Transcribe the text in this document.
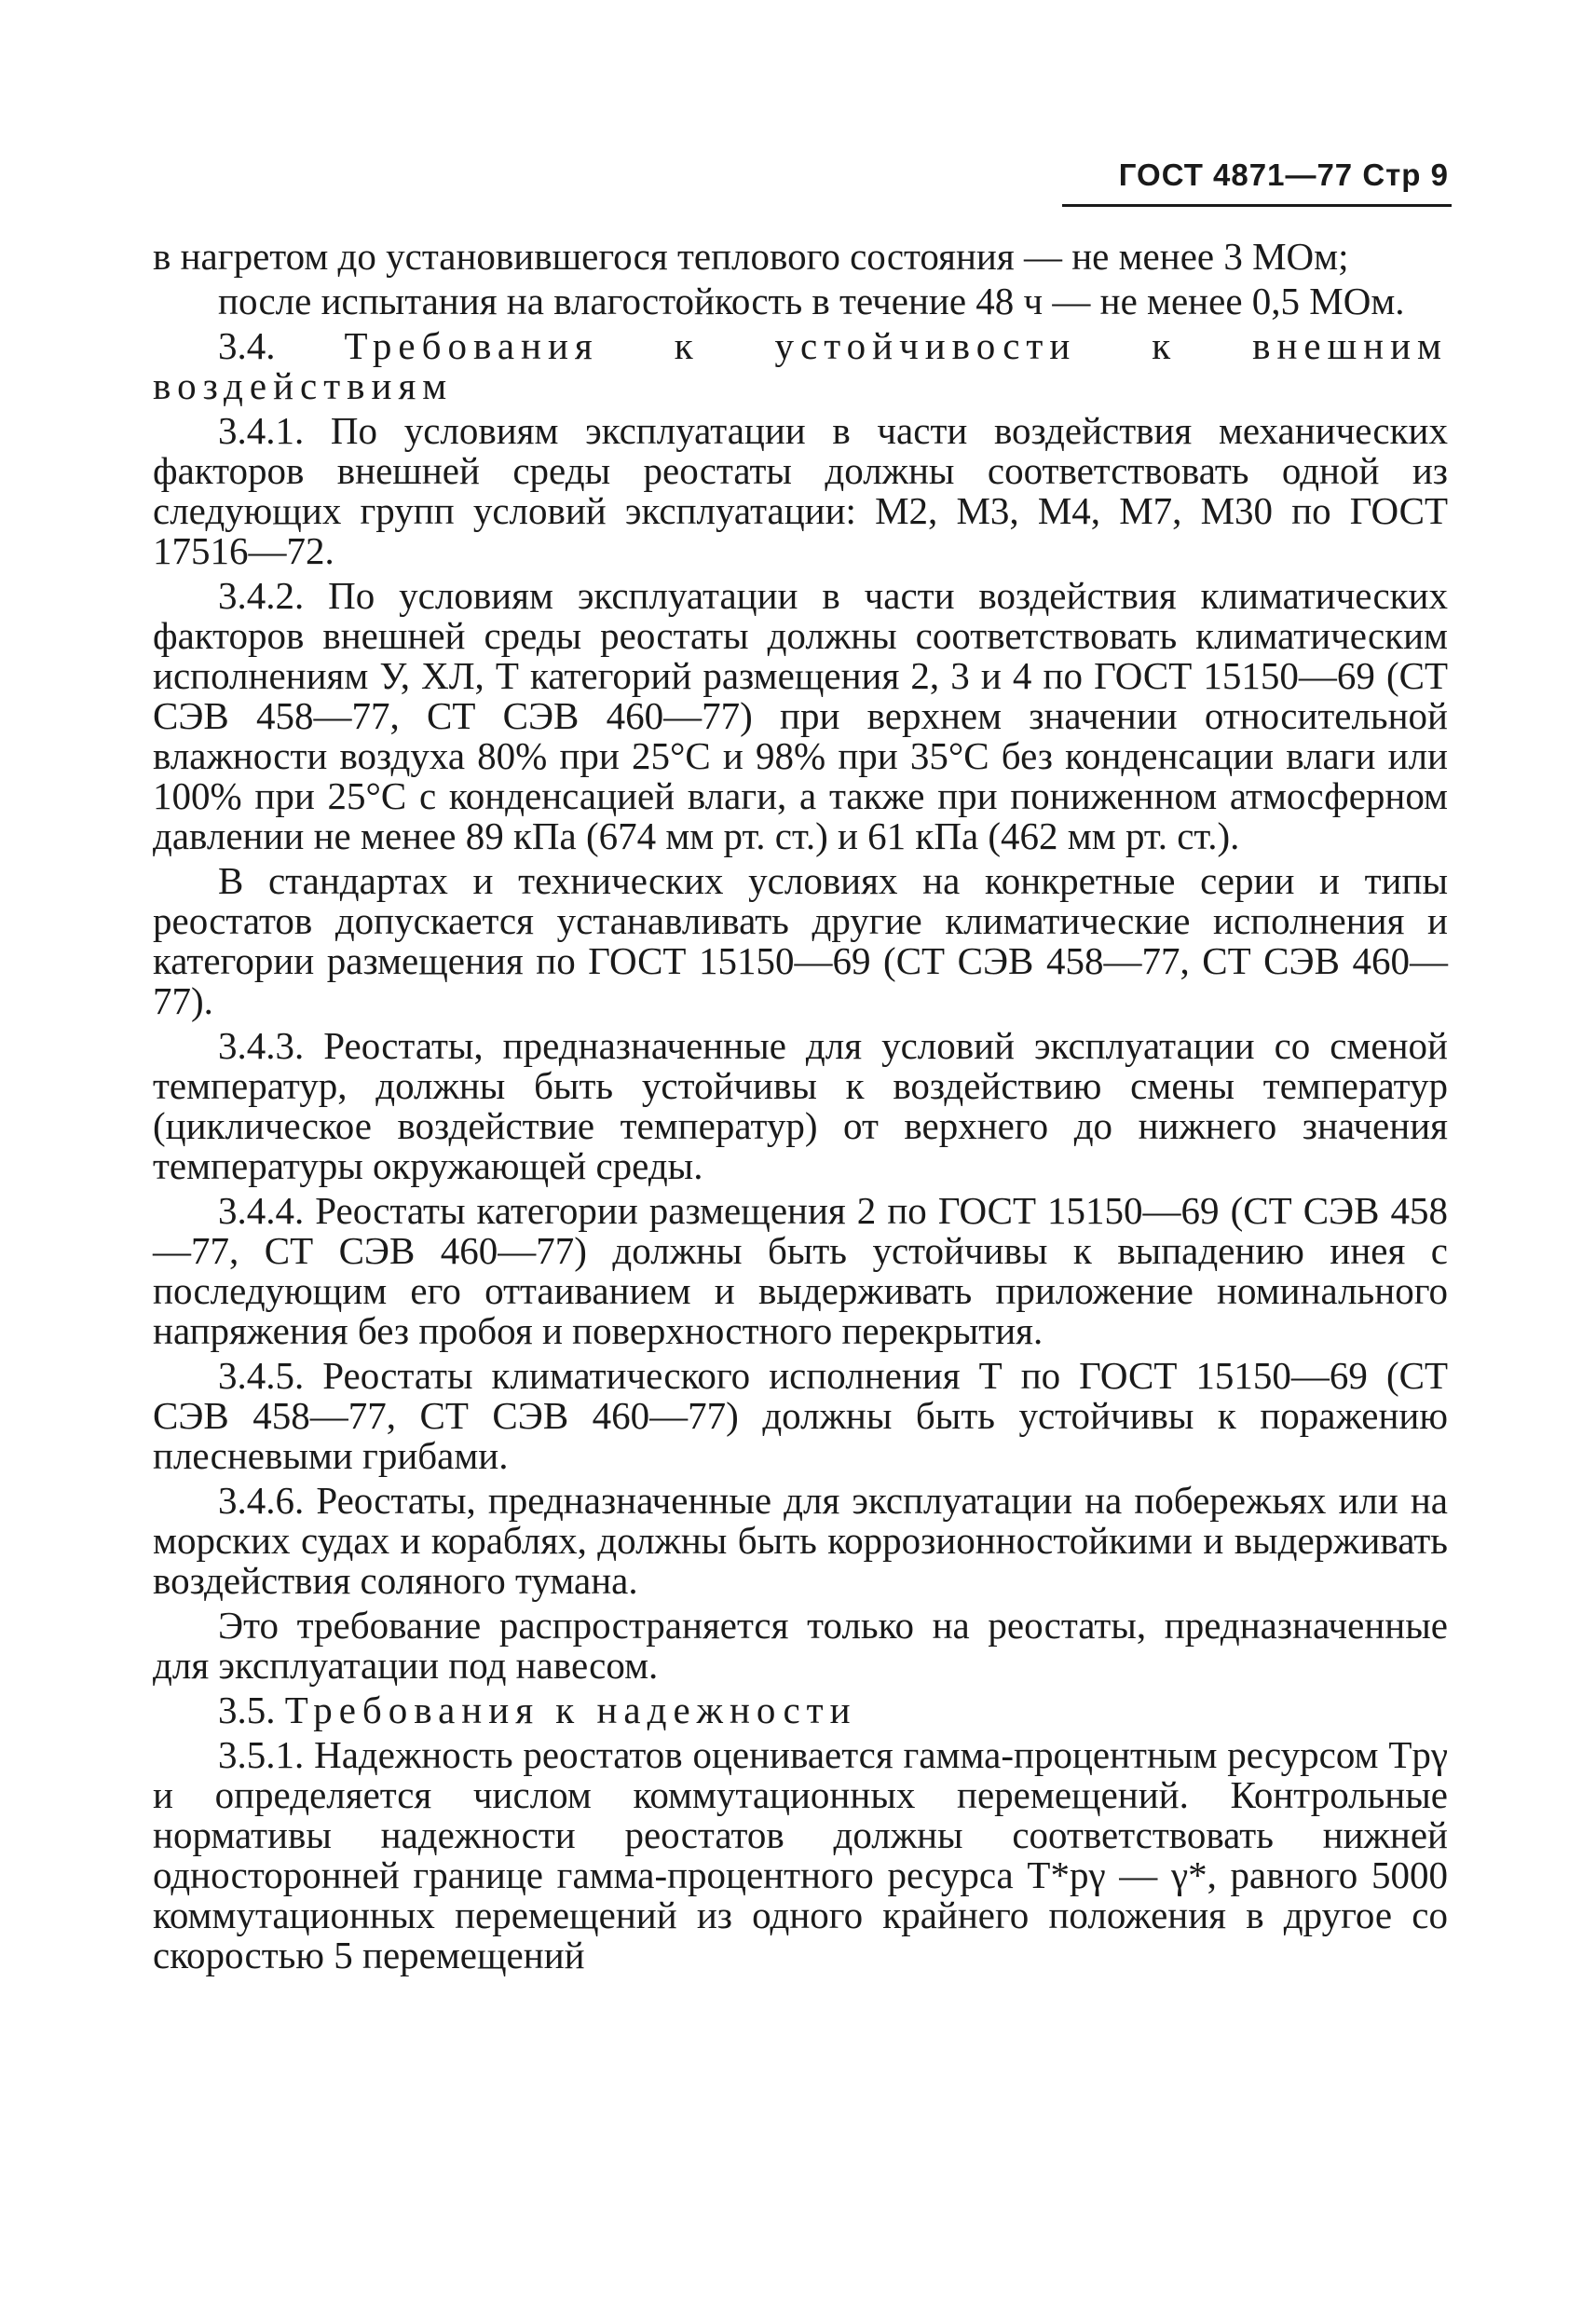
ГОСТ 4871—77 Стр 9

в нагретом до установившегося теплового состояния — не менее 3 МОм;

после испытания на влагостойкость в течение 48 ч — не менее 0,5 МОм.

3.4. Требования к устойчивости к внешним воздействиям

3.4.1. По условиям эксплуатации в части воздействия механических факторов внешней среды реостаты должны соответствовать одной из следующих групп условий эксплуатации: М2, М3, М4, М7, М30 по ГОСТ 17516—72.

3.4.2. По условиям эксплуатации в части воздействия климатических факторов внешней среды реостаты должны соответствовать климатическим исполнениям У, ХЛ, Т категорий размещения 2, 3 и 4 по ГОСТ 15150—69 (СТ СЭВ 458—77, СТ СЭВ 460—77) при верхнем значении относительной влажности воздуха 80% при 25°С и 98% при 35°С без конденсации влаги или 100% при 25°С с конденсацией влаги, а также при пониженном атмосферном давлении не менее 89 кПа (674 мм рт. ст.) и 61 кПа (462 мм рт. ст.).

В стандартах и технических условиях на конкретные серии и типы реостатов допускается устанавливать другие климатические исполнения и категории размещения по ГОСТ 15150—69 (СТ СЭВ 458—77, СТ СЭВ 460—77).

3.4.3. Реостаты, предназначенные для условий эксплуатации со сменой температур, должны быть устойчивы к воздействию смены температур (циклическое воздействие температур) от верхнего до нижнего значения температуры окружающей среды.

3.4.4. Реостаты категории размещения 2 по ГОСТ 15150—69 (СТ СЭВ 458—77, СТ СЭВ 460—77) должны быть устойчивы к выпадению инея с последующим его оттаиванием и выдерживать приложение номинального напряжения без пробоя и поверхностного перекрытия.

3.4.5. Реостаты климатического исполнения Т по ГОСТ 15150—69 (СТ СЭВ 458—77, СТ СЭВ 460—77) должны быть устойчивы к поражению плесневыми грибами.

3.4.6. Реостаты, предназначенные для эксплуатации на побережьях или на морских судах и кораблях, должны быть коррозионностойкими и выдерживать воздействия соляного тумана.

Это требование распространяется только на реостаты, предназначенные для эксплуатации под навесом.

3.5. Требования к надежности

3.5.1. Надежность реостатов оценивается гамма-процентным ресурсом Tpγ и определяется числом коммутационных перемещений. Контрольные нормативы надежности реостатов должны соответствовать нижней односторонней границе гамма-процентного ресурса T*pγ — γ*, равного 5000 коммутационных перемещений из одного крайнего положения в другое со скоростью 5 перемещений
